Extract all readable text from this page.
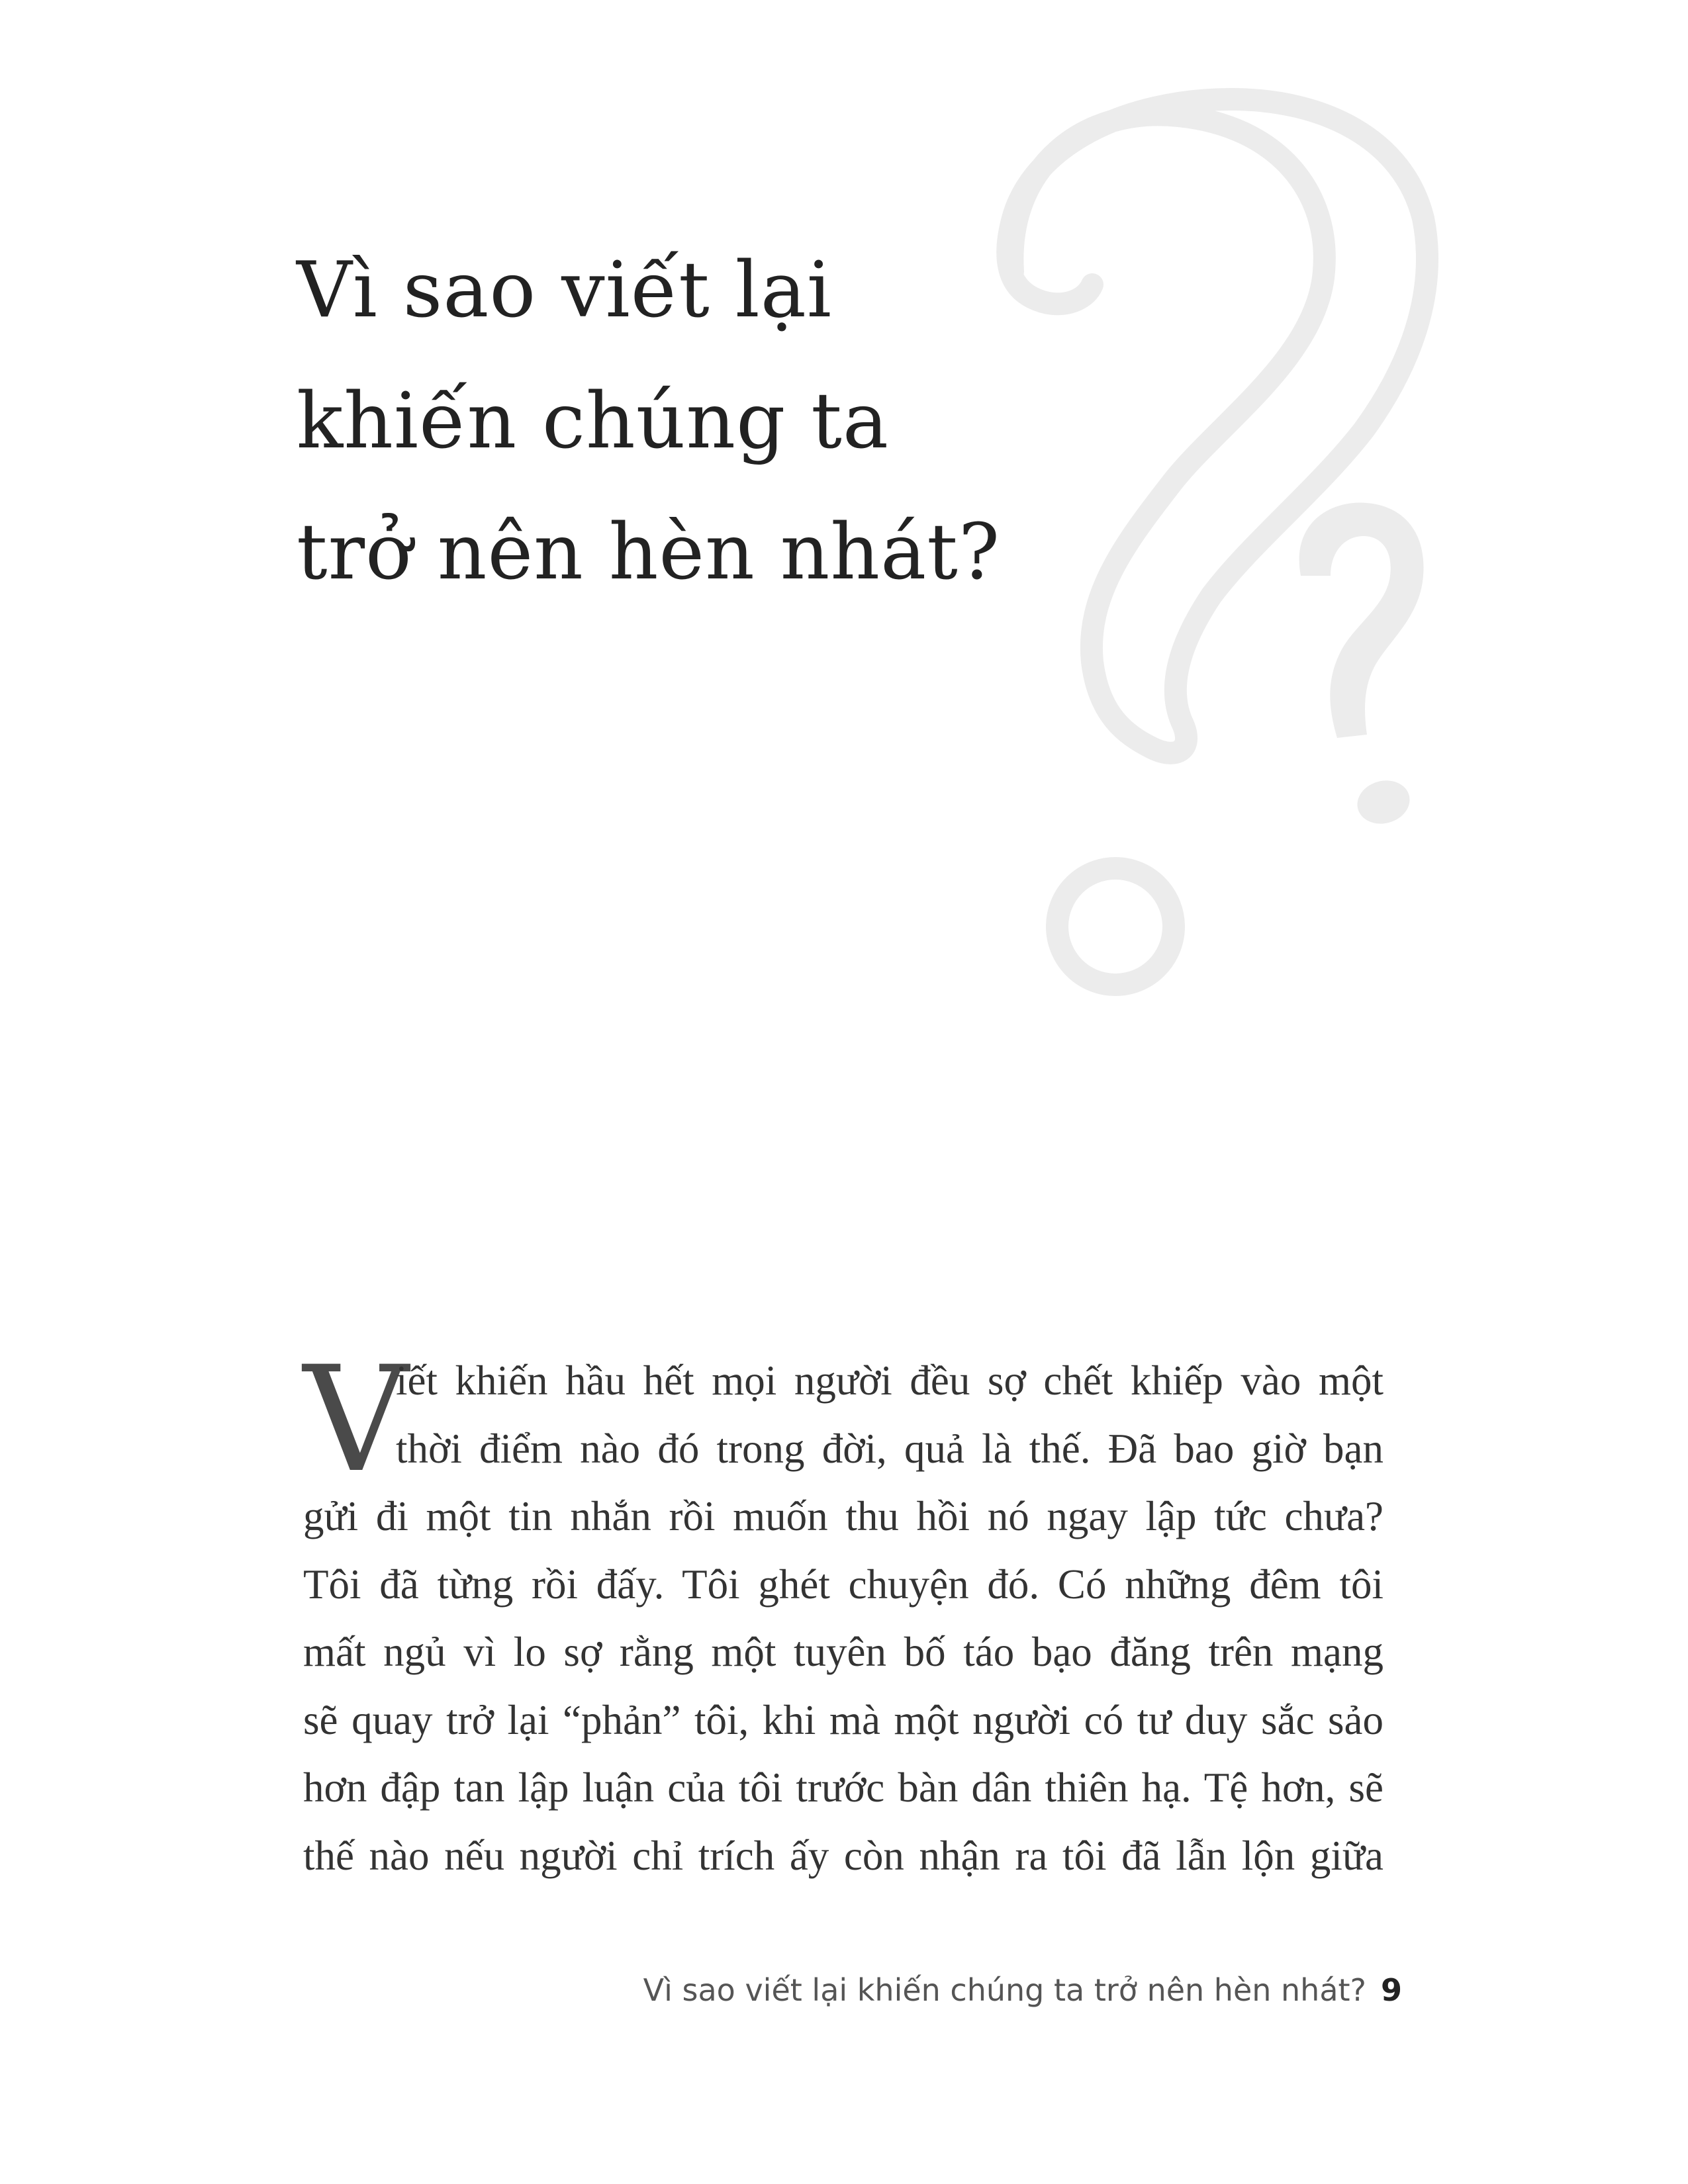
Vì sao viết lại
khiến chúng ta
trở nên hèn nhát?
V
iết khiến hầu hết mọi người đều sợ chết khiếp vào một
thời điểm nào đó trong đời, quả là thế. Đã bao giờ bạn
gửi đi một tin nhắn rồi muốn thu hồi nó ngay lập tức chưa?
Tôi đã từng rồi đấy. Tôi ghét chuyện đó. Có những đêm tôi
mất ngủ vì lo sợ rằng một tuyên bố táo bạo đăng trên mạng
sẽ quay trở lại “phản” tôi, khi mà một người có tư duy sắc sảo
hơn đập tan lập luận của tôi trước bàn dân thiên hạ. Tệ hơn, sẽ
thế nào nếu người chỉ trích ấy còn nhận ra tôi đã lẫn lộn giữa
Vì sao viết lại khiến chúng ta trở nên hèn nhát? 9
